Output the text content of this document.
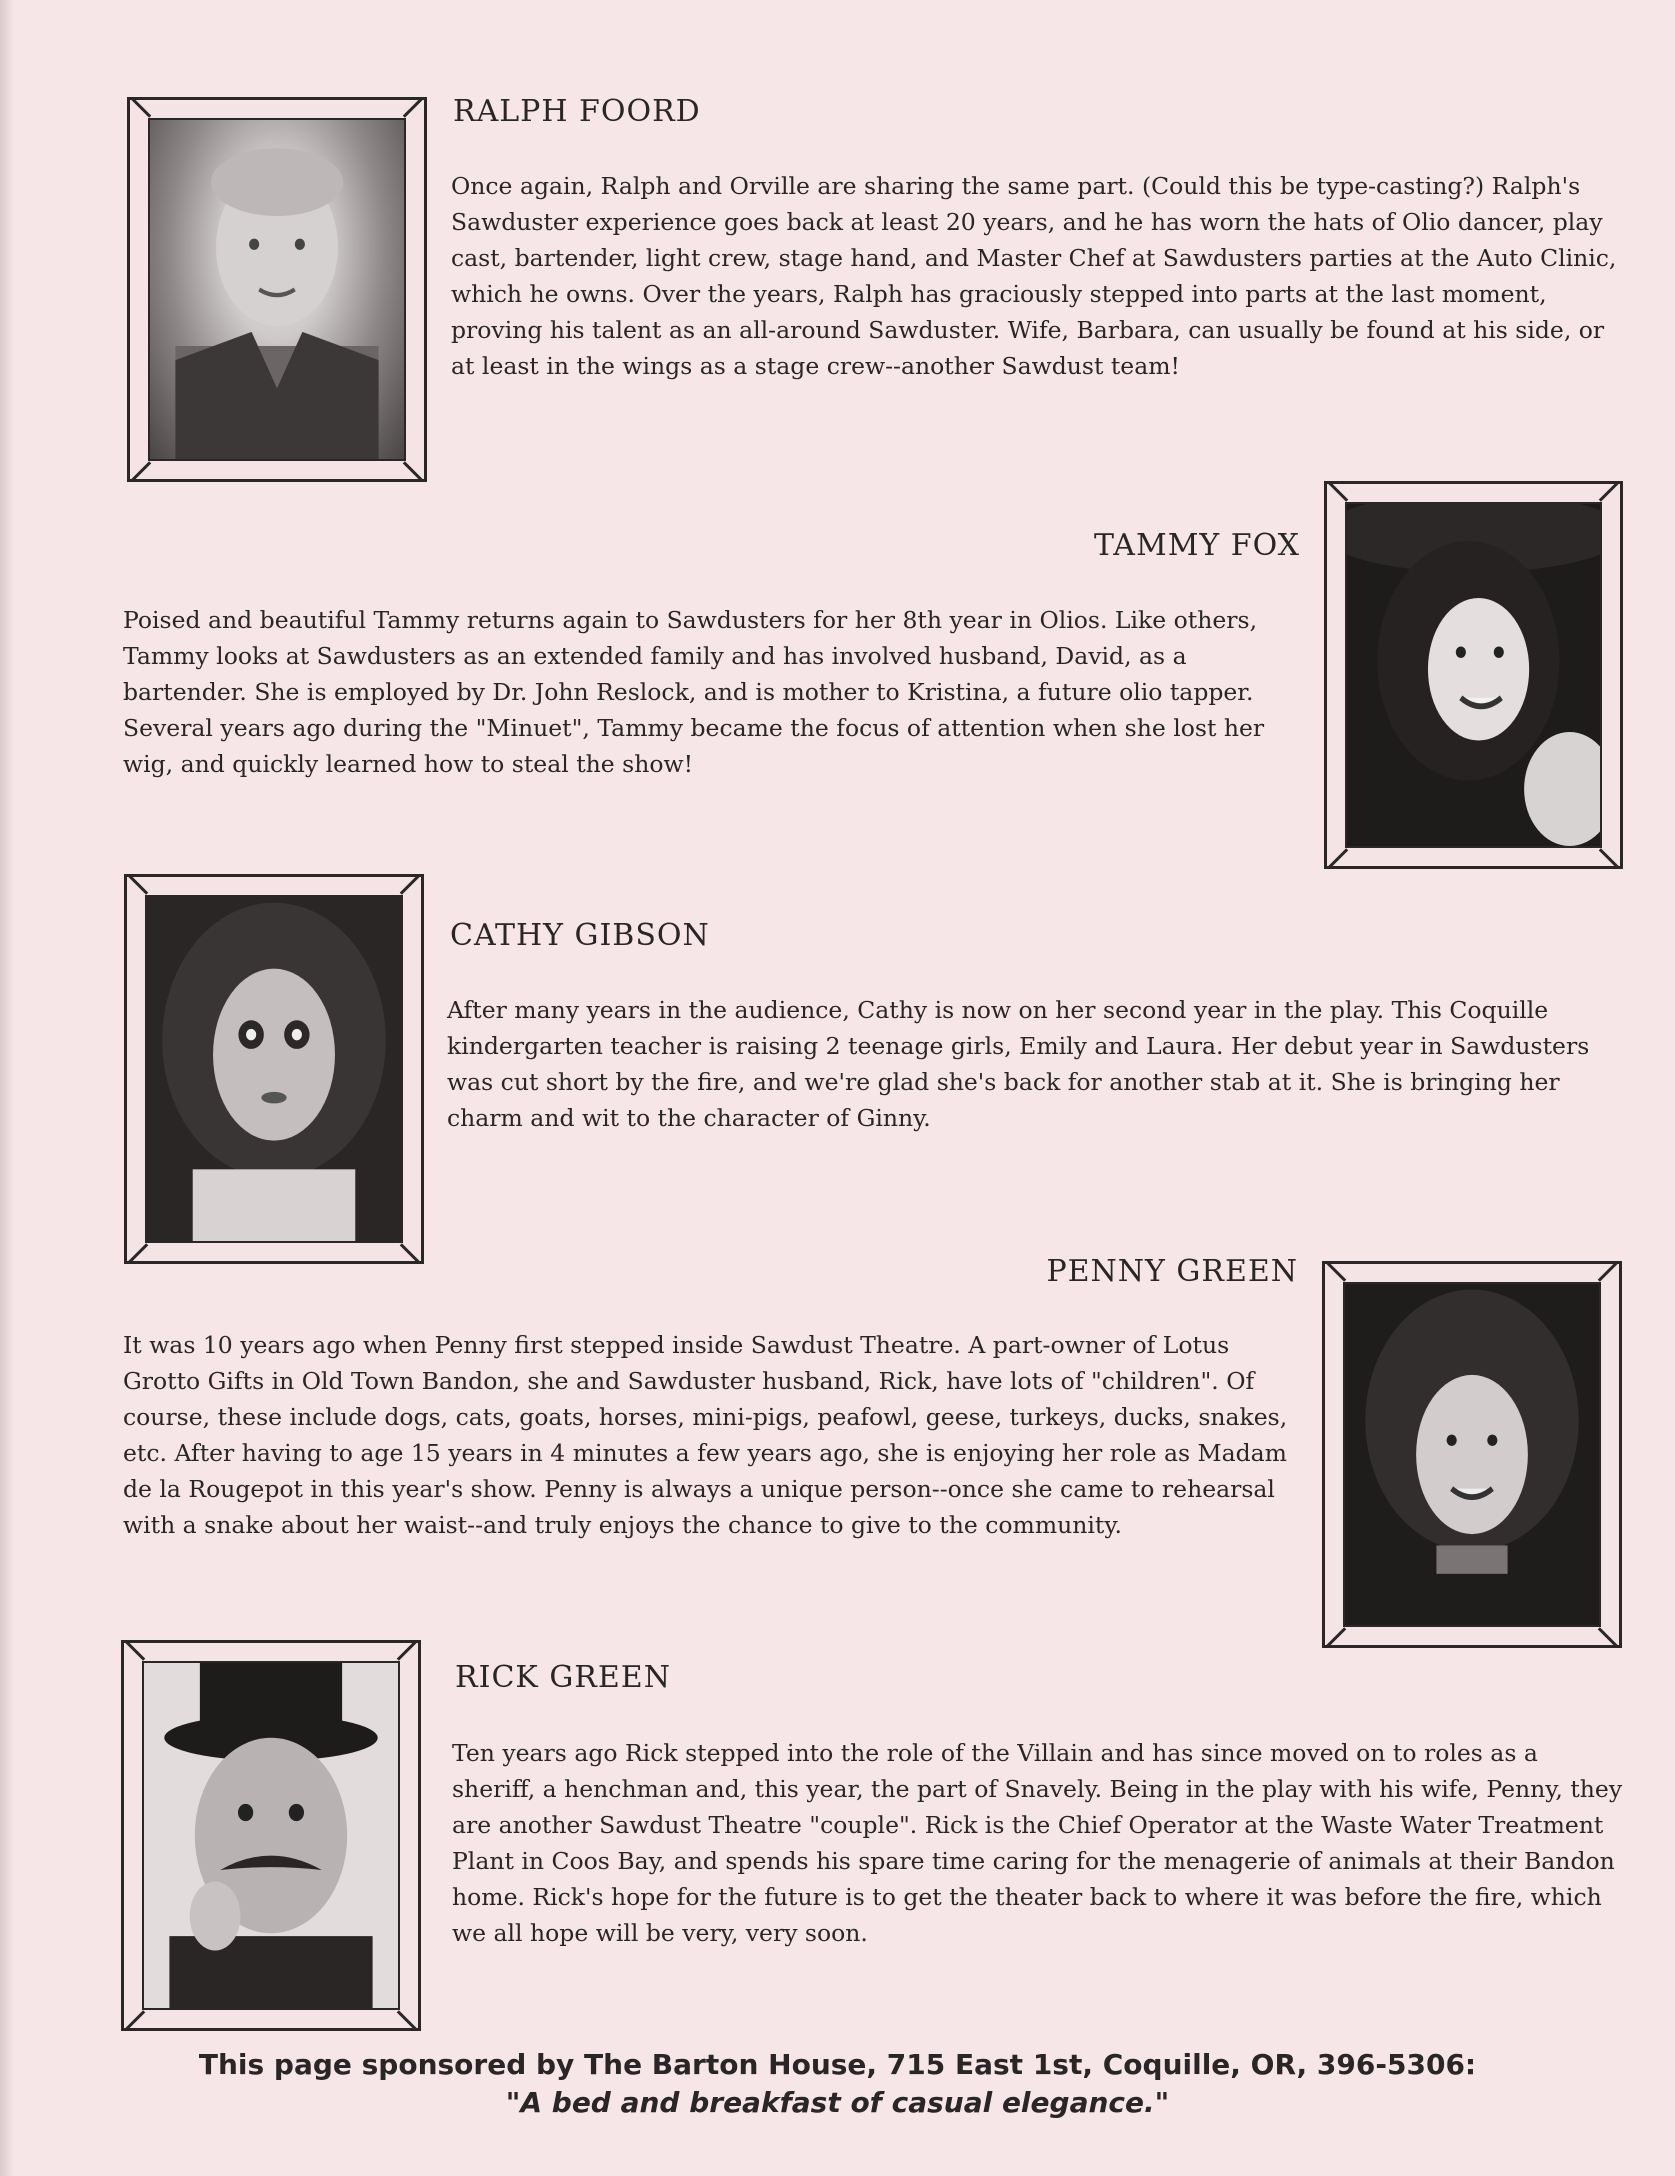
RALPH FOORD

Once again, Ralph and Orville are sharing the same part. (Could this be type-casting?) Ralph's Sawduster experience goes back at least 20 years, and he has worn the hats of Olio dancer, play cast, bartender, light crew, stage hand, and Master Chef at Sawdusters parties at the Auto Clinic, which he owns. Over the years, Ralph has graciously stepped into parts at the last moment, proving his talent as an all-around Sawduster. Wife, Barbara, can usually be found at his side, or at least in the wings as a stage crew--another Sawdust team!

TAMMY FOX

Poised and beautiful Tammy returns again to Sawdusters for her 8th year in Olios. Like others, Tammy looks at Sawdusters as an extended family and has involved husband, David, as a bartender. She is employed by Dr. John Reslock, and is mother to Kristina, a future olio tapper. Several years ago during the "Minuet", Tammy became the focus of attention when she lost her wig, and quickly learned how to steal the show!

CATHY GIBSON

After many years in the audience, Cathy is now on her second year in the play. This Coquille kindergarten teacher is raising 2 teenage girls, Emily and Laura. Her debut year in Sawdusters was cut short by the fire, and we're glad she's back for another stab at it. She is bringing her charm and wit to the character of Ginny.

PENNY GREEN

It was 10 years ago when Penny first stepped inside Sawdust Theatre. A part-owner of Lotus Grotto Gifts in Old Town Bandon, she and Sawduster husband, Rick, have lots of "children". Of course, these include dogs, cats, goats, horses, mini-pigs, peafowl, geese, turkeys, ducks, snakes, etc. After having to age 15 years in 4 minutes a few years ago, she is enjoying her role as Madam de la Rougepot in this year's show. Penny is always a unique person--once she came to rehearsal with a snake about her waist--and truly enjoys the chance to give to the community.

RICK GREEN

Ten years ago Rick stepped into the role of the Villain and has since moved on to roles as a sheriff, a henchman and, this year, the part of Snavely. Being in the play with his wife, Penny, they are another Sawdust Theatre "couple". Rick is the Chief Operator at the Waste Water Treatment Plant in Coos Bay, and spends his spare time caring for the menagerie of animals at their Bandon home. Rick's hope for the future is to get the theater back to where it was before the fire, which we all hope will be very, very soon.

This page sponsored by The Barton House, 715 East 1st, Coquille, OR, 396-5306:

"A bed and breakfast of casual elegance."
